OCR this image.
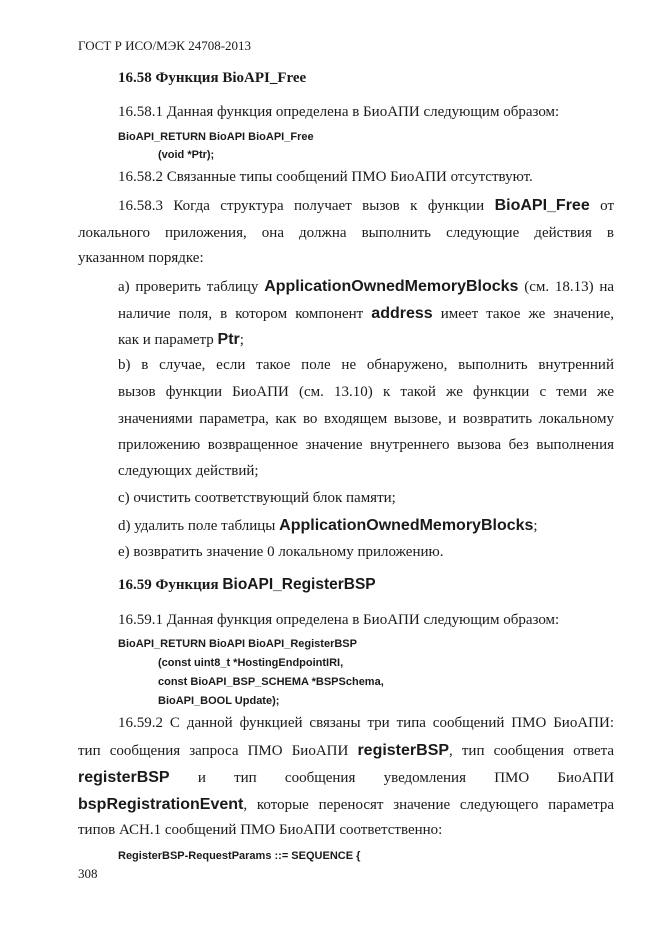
ГОСТ Р ИСО/МЭК 24708-2013
16.58 Функция BioAPI_Free
16.58.1 Данная функция определена в БиоАПИ следующим образом:
BioAPI_RETURN BioAPI BioAPI_Free
(void *Ptr);
16.58.2 Связанные типы сообщений ПМО БиоАПИ отсутствуют.
16.58.3 Когда структура получает вызов к функции BioAPI_Free от
локального приложения, она должна выполнить следующие действия в
указанном порядке:
a) проверить таблицу ApplicationOwnedMemoryBlocks (см. 18.13) на
наличие поля, в котором компонент address имеет такое же значение,
как и параметр Ptr;
b) в случае, если такое поле не обнаружено, выполнить внутренний
вызов функции БиоАПИ (см. 13.10) к такой же функции с теми же
значениями параметра, как во входящем вызове, и возвратить локальному
приложению возвращенное значение внутреннего вызова без выполнения
следующих действий;
c) очистить соответствующий блок памяти;
d) удалить поле таблицы ApplicationOwnedMemoryBlocks;
e) возвратить значение 0 локальному приложению.
16.59 Функция BioAPI_RegisterBSP
16.59.1 Данная функция определена в БиоАПИ следующим образом:
BioAPI_RETURN BioAPI BioAPI_RegisterBSP
(const uint8_t *HostingEndpointIRI,
const BioAPI_BSP_SCHEMA *BSPSchema,
BioAPI_BOOL Update);
16.59.2 С данной функцией связаны три типа сообщений ПМО БиоАПИ:
тип сообщения запроса ПМО БиоАПИ registerBSP, тип сообщения ответа
registerBSP и тип сообщения уведомления ПМО БиоАПИ
bspRegistrationEvent, которые переносят значение следующего параметра
типов АСН.1 сообщений ПМО БиоАПИ соответственно:
RegisterBSP-RequestParams ::= SEQUENCE {
308
